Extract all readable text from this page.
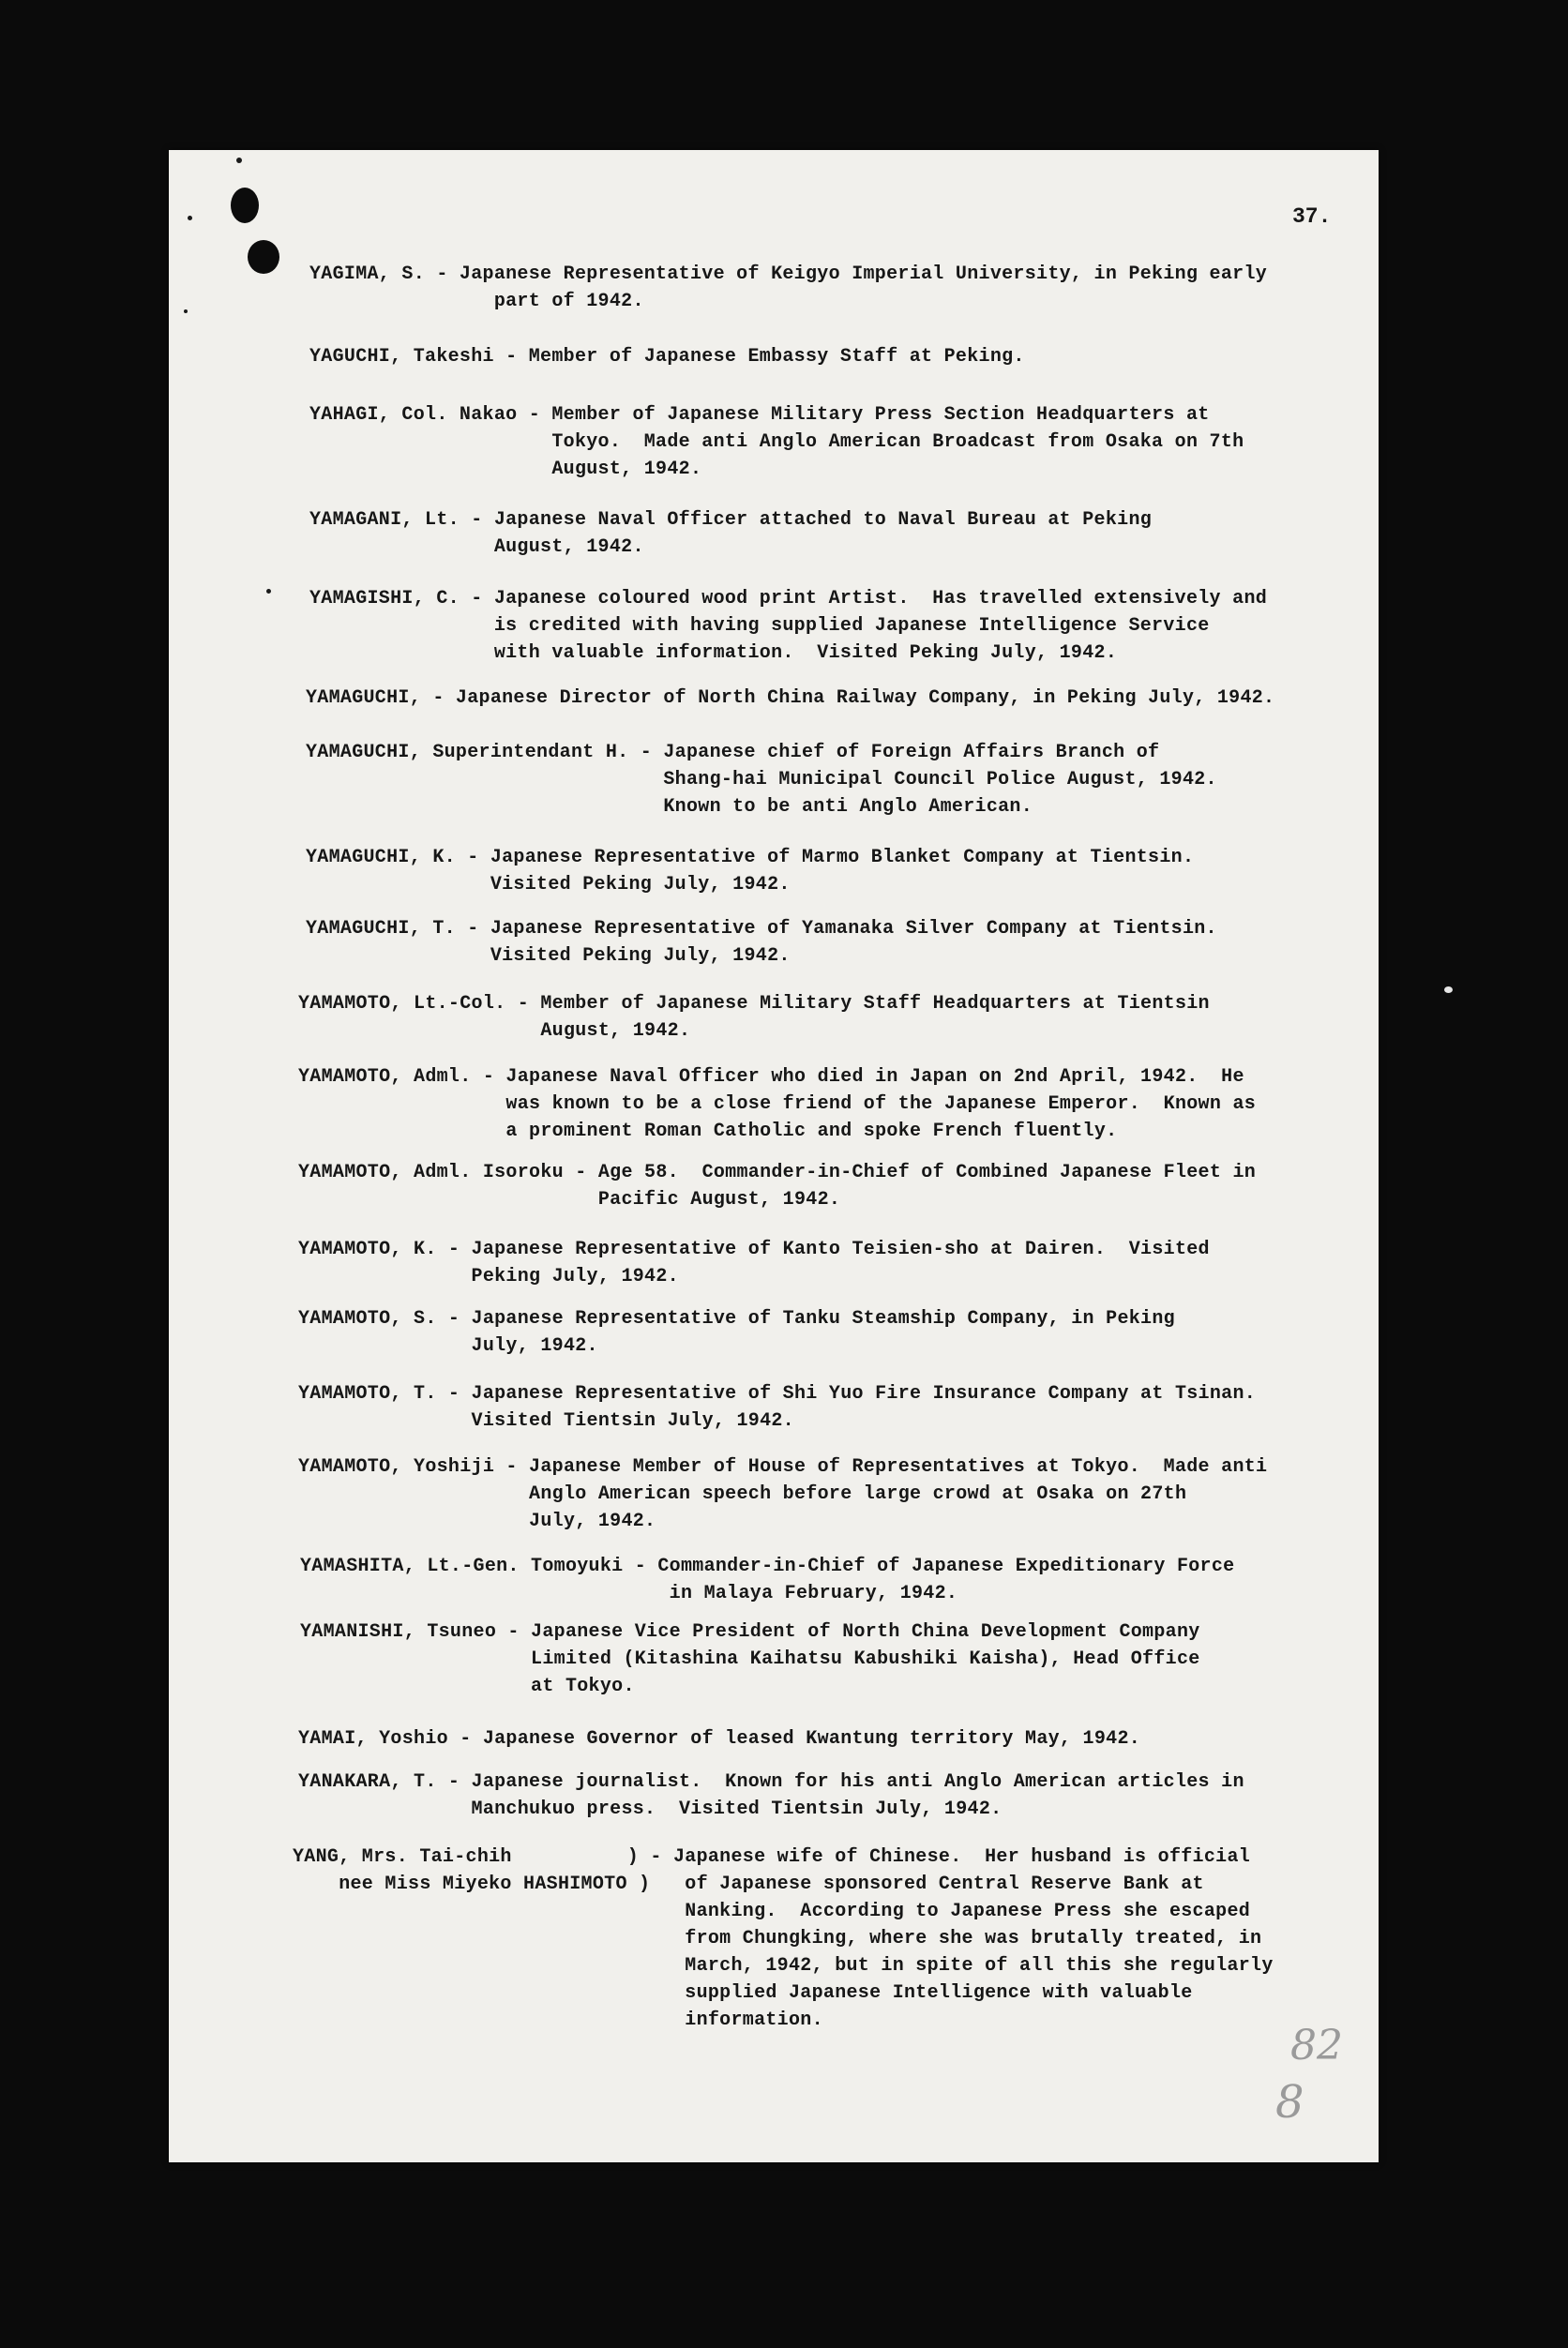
37.
YAGIMA, S. - Japanese Representative of Keigyo Imperial University, in Peking early
part of 1942.
YAGUCHI, Takeshi - Member of Japanese Embassy Staff at Peking.
YAHAGI, Col. Nakao - Member of Japanese Military Press Section Headquarters at
Tokyo.  Made anti Anglo American Broadcast from Osaka on 7th
August, 1942.
YAMAGANI, Lt. - Japanese Naval Officer attached to Naval Bureau at Peking
August, 1942.
YAMAGISHI, C. - Japanese coloured wood print Artist.  Has travelled extensively and
is credited with having supplied Japanese Intelligence Service
with valuable information.  Visited Peking July, 1942.
YAMAGUCHI, - Japanese Director of North China Railway Company, in Peking July, 1942.
YAMAGUCHI, Superintendant H. - Japanese chief of Foreign Affairs Branch of
Shang-hai Municipal Council Police August, 1942.
Known to be anti Anglo American.
YAMAGUCHI, K. - Japanese Representative of Marmo Blanket Company at Tientsin.
Visited Peking July, 1942.
YAMAGUCHI, T. - Japanese Representative of Yamanaka Silver Company at Tientsin.
Visited Peking July, 1942.
YAMAMOTO, Lt.-Col. - Member of Japanese Military Staff Headquarters at Tientsin
August, 1942.
YAMAMOTO, Adml. - Japanese Naval Officer who died in Japan on 2nd April, 1942.  He
was known to be a close friend of the Japanese Emperor.  Known as
a prominent Roman Catholic and spoke French fluently.
YAMAMOTO, Adml. Isoroku - Age 58.  Commander-in-Chief of Combined Japanese Fleet in
Pacific August, 1942.
YAMAMOTO, K. - Japanese Representative of Kanto Teisien-sho at Dairen.  Visited
Peking July, 1942.
YAMAMOTO, S. - Japanese Representative of Tanku Steamship Company, in Peking
July, 1942.
YAMAMOTO, T. - Japanese Representative of Shi Yuo Fire Insurance Company at Tsinan.
Visited Tientsin July, 1942.
YAMAMOTO, Yoshiji - Japanese Member of House of Representatives at Tokyo.  Made anti
Anglo American speech before large crowd at Osaka on 27th
July, 1942.
YAMASHITA, Lt.-Gen. Tomoyuki - Commander-in-Chief of Japanese Expeditionary Force
in Malaya February, 1942.
YAMANISHI, Tsuneo - Japanese Vice President of North China Development Company
Limited (Kitashina Kaihatsu Kabushiki Kaisha), Head Office
at Tokyo.
YAMAI, Yoshio - Japanese Governor of leased Kwantung territory May, 1942.
YANAKARA, T. - Japanese journalist.  Known for his anti Anglo American articles in
Manchukuo press.  Visited Tientsin July, 1942.
YANG, Mrs. Tai-chih          ) - Japanese wife of Chinese.  Her husband is official
nee Miss Miyeko HASHIMOTO )   of Japanese sponsored Central Reserve Bank at
Nanking.  According to Japanese Press she escaped
from Chungking, where she was brutally treated, in
March, 1942, but in spite of all this she regularly
supplied Japanese Intelligence with valuable
information.
82
8
